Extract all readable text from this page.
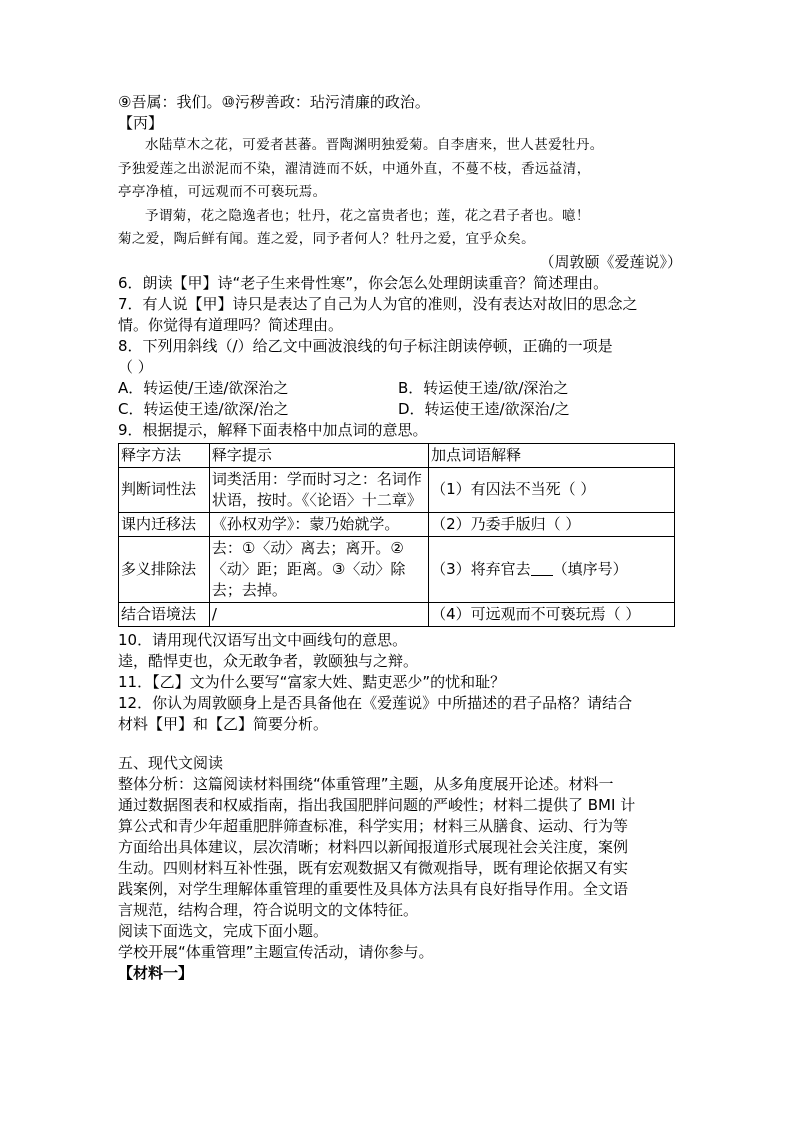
⑨吾属：我们。⑩污秽善政：玷污清廉的政治。
【丙】
水陆草木之花，可爱者甚蕃。晋陶渊明独爱菊。自李唐来，世人甚爱牡丹。
予独爱莲之出淤泥而不染，濯清涟而不妖，中通外直，不蔓不枝，香远益清，
亭亭净植，可远观而不可亵玩焉。
予谓菊，花之隐逸者也；牡丹，花之富贵者也；莲，花之君子者也。噫！
菊之爱，陶后鲜有闻。莲之爱，同予者何人？牡丹之爱，宜乎众矣。
（周敦颐《爱莲说》）
6．朗读【甲】诗“老子生来骨性寒”，你会怎么处理朗读重音？简述理由。
7．有人说【甲】诗只是表达了自己为人为官的准则，没有表达对故旧的思念之
情。你觉得有道理吗？简述理由。
8．下列用斜线（/）给乙文中画波浪线的句子标注朗读停顿，正确的一项是
（ ）
A．转运使/王逵/欲深治之	B．转运使王逵/欲/深治之
C．转运使王逵/欲深/治之	D．转运使王逵/欲深治/之
9．根据提示，解释下面表格中加点词的意思。
释字方法	释字提示	加点词语解释
判断词性法	词类活用：学而时习之：名词作状语，按时。《〈论语〉十二章》	（1）有囚法不当死（ ）
课内迁移法	《孙权劝学》：蒙乃始就学。	（2）乃委手版归（ ）
多义排除法	去：①〈动〉离去；离开。②〈动〉距；距离。③〈动〉除去；去掉。	（3）将弃官去 （填序号）
结合语境法	/	（4）可远观而不可亵玩焉（ ）
10．请用现代汉语写出文中画线句的意思。
逵，酷悍吏也，众无敢争者，敦颐独与之辩。
11．【乙】文为什么要写“富家大姓、黠吏恶少”的忧和耻？
12．你认为周敦颐身上是否具备他在《爱莲说》中所描述的君子品格？请结合
材料【甲】和【乙】简要分析。
五、现代文阅读
整体分析：这篇阅读材料围绕“体重管理”主题，从多角度展开论述。材料一
通过数据图表和权威指南，指出我国肥胖问题的严峻性；材料二提供了 BMI 计
算公式和青少年超重肥胖筛查标准，科学实用；材料三从膳食、运动、行为等
方面给出具体建议，层次清晰；材料四以新闻报道形式展现社会关注度，案例
生动。四则材料互补性强，既有宏观数据又有微观指导，既有理论依据又有实
践案例，对学生理解体重管理的重要性及具体方法具有良好指导作用。全文语
言规范，结构合理，符合说明文的文体特征。
阅读下面选文，完成下面小题。
学校开展“体重管理”主题宣传活动，请你参与。
【材料一】
